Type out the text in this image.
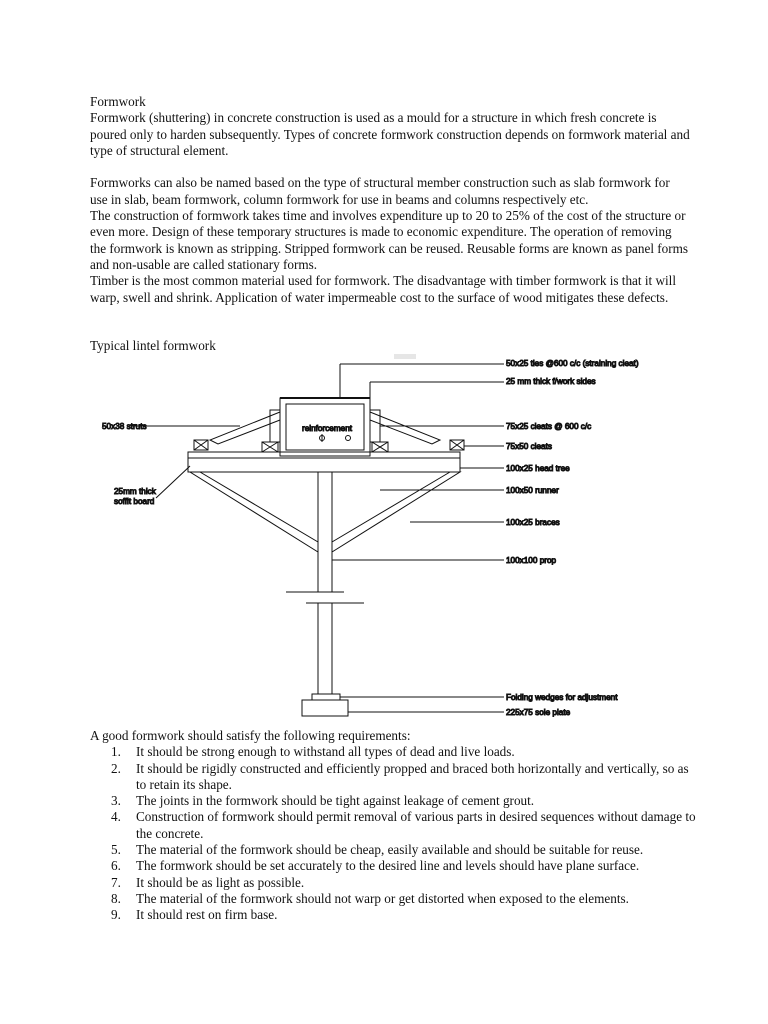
Formwork

Formwork (shuttering) in concrete construction is used as a mould for a structure in which fresh concrete is poured only to harden subsequently. Types of concrete formwork construction depends on formwork material and type of structural element.

Formworks can also be named based on the type of structural member construction such as slab formwork for use in slab, beam formwork, column formwork for use in beams and columns respectively etc.

The construction of formwork takes time and involves expenditure up to 20 to 25% of the cost of the structure or even more. Design of these temporary structures is made to economic expenditure. The operation of removing the formwork is known as stripping. Stripped formwork can be reused. Reusable forms are known as panel forms and non-usable are called stationary forms.

Timber is the most common material used for formwork. The disadvantage with timber formwork is that it will warp, swell and shrink. Application of water impermeable cost to the surface of wood mitigates these defects.

Typical lintel formwork
reinforcement
50x25 ties @600 c/c (straining cleat)
25 mm thick f/work sides
50x38 struts	75x25 cleats @ 600 c/c
75x50 cleats
100x25 head tree
25mm thick
soffit board
100x50 runner
100x25 braces
100x100 prop
Folding wedges for adjustment
225x75 sole plate

A good formwork should satisfy the following requirements:

1. It should be strong enough to withstand all types of dead and live loads.
2. It should be rigidly constructed and efficiently propped and braced both horizontally and vertically, so as to retain its shape.
3. The joints in the formwork should be tight against leakage of cement grout.
4. Construction of formwork should permit removal of various parts in desired sequences without damage to the concrete.
5. The material of the formwork should be cheap, easily available and should be suitable for reuse.
6. The formwork should be set accurately to the desired line and levels should have plane surface.
7. It should be as light as possible.
8. The material of the formwork should not warp or get distorted when exposed to the elements.
9. It should rest on firm base.
